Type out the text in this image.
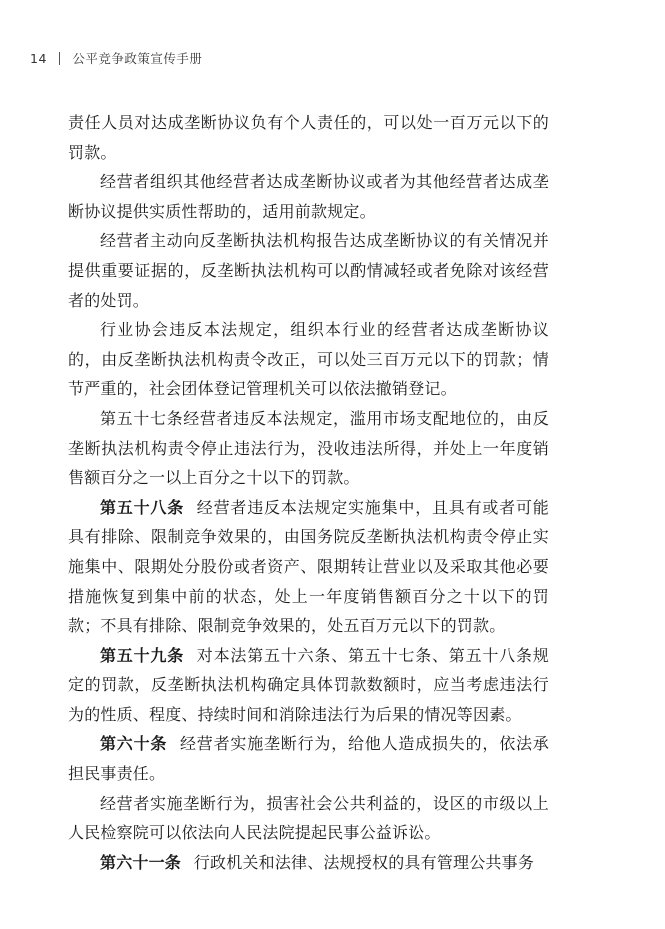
14 公平竞争政策宣传手册

责任人员对达成垄断协议负有个人责任的，可以处一百万元以下的罚款。

经营者组织其他经营者达成垄断协议或者为其他经营者达成垄断协议提供实质性帮助的，适用前款规定。

经营者主动向反垄断执法机构报告达成垄断协议的有关情况并提供重要证据的，反垄断执法机构可以酌情减轻或者免除对该经营者的处罚。

行业协会违反本法规定，组织本行业的经营者达成垄断协议的，由反垄断执法机构责令改正，可以处三百万元以下的罚款；情节严重的，社会团体登记管理机关可以依法撤销登记。

第五十七条经营者违反本法规定，滥用市场支配地位的，由反垄断执法机构责令停止违法行为，没收违法所得，并处上一年度销售额百分之一以上百分之十以下的罚款。

第五十八条 经营者违反本法规定实施集中，且具有或者可能具有排除、限制竞争效果的，由国务院反垄断执法机构责令停止实施集中、限期处分股份或者资产、限期转让营业以及采取其他必要措施恢复到集中前的状态，处上一年度销售额百分之十以下的罚款；不具有排除、限制竞争效果的，处五百万元以下的罚款。

第五十九条 对本法第五十六条、第五十七条、第五十八条规定的罚款，反垄断执法机构确定具体罚款数额时，应当考虑违法行为的性质、程度、持续时间和消除违法行为后果的情况等因素。

第六十条 经营者实施垄断行为，给他人造成损失的，依法承担民事责任。

经营者实施垄断行为，损害社会公共利益的，设区的市级以上人民检察院可以依法向人民法院提起民事公益诉讼。

第六十一条 行政机关和法律、法规授权的具有管理公共事务
